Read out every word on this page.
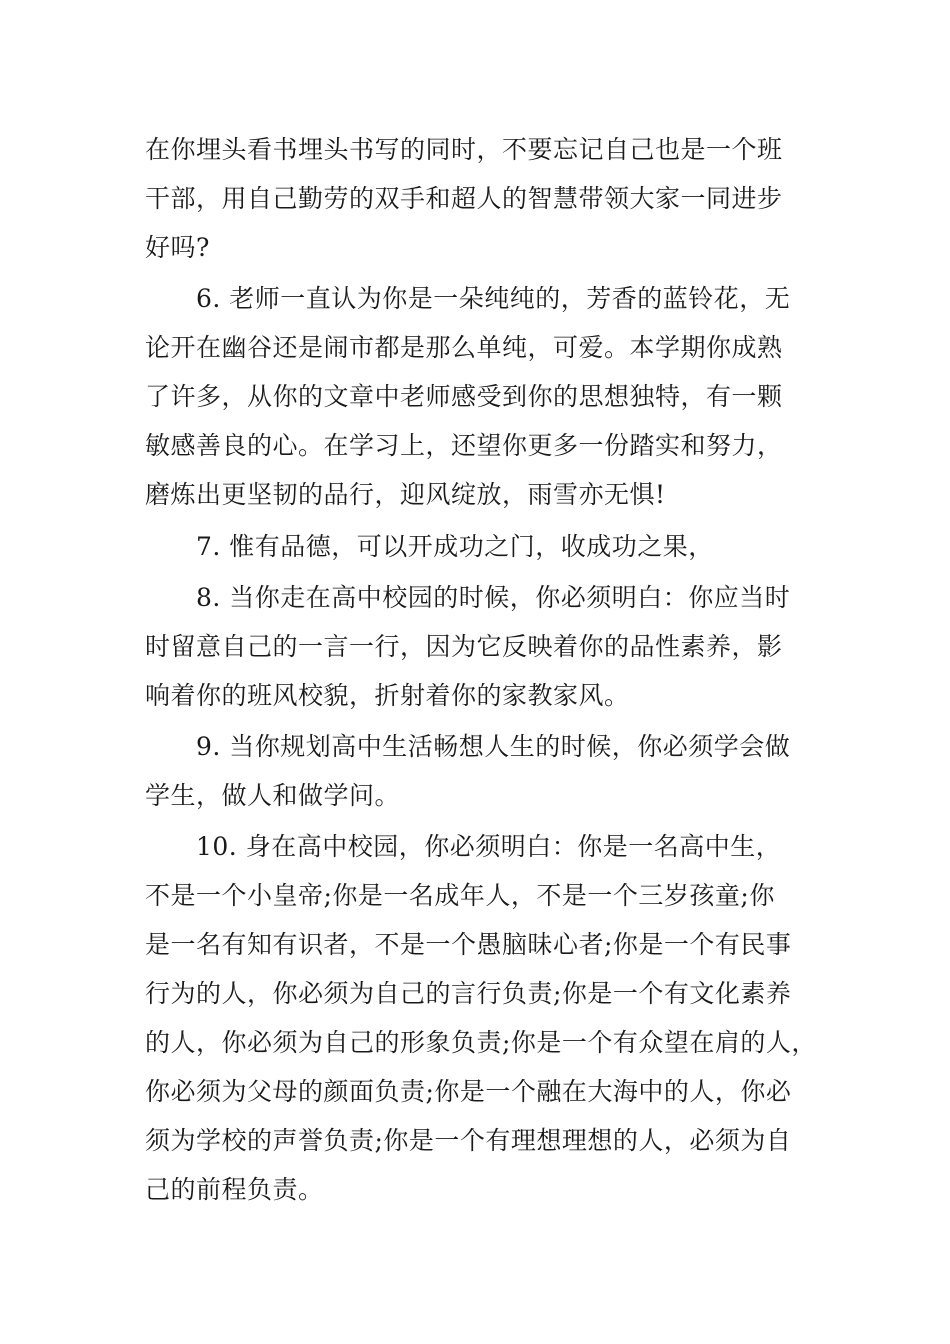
在你埋头看书埋头书写的同时，不要忘记自己也是一个班
干部，用自己勤劳的双手和超人的智慧带领大家一同进步
好吗?
6. 老师一直认为你是一朵纯纯的，芳香的蓝铃花，无
论开在幽谷还是闹市都是那么单纯，可爱。本学期你成熟
了许多，从你的文章中老师感受到你的思想独特，有一颗
敏感善良的心。在学习上，还望你更多一份踏实和努力，
磨炼出更坚韧的品行，迎风绽放，雨雪亦无惧!
7. 惟有品德，可以开成功之门，收成功之果，
8. 当你走在高中校园的时候，你必须明白：你应当时
时留意自己的一言一行，因为它反映着你的品性素养，影
响着你的班风校貌，折射着你的家教家风。
9. 当你规划高中生活畅想人生的时候，你必须学会做
学生，做人和做学问。
10. 身在高中校园，你必须明白：你是一名高中生，
不是一个小皇帝;你是一名成年人，不是一个三岁孩童;你
是一名有知有识者，不是一个愚脑昧心者;你是一个有民事
行为的人，你必须为自己的言行负责;你是一个有文化素养
的人，你必须为自己的形象负责;你是一个有众望在肩的人，
你必须为父母的颜面负责;你是一个融在大海中的人，你必
须为学校的声誉负责;你是一个有理想理想的人，必须为自
己的前程负责。
